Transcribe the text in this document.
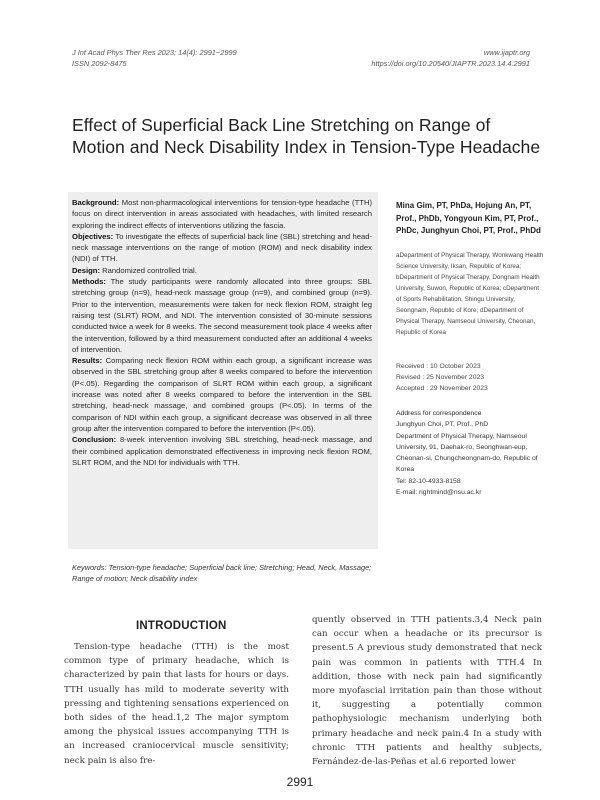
J Int Acad Phys Ther Res 2023; 14(4): 2991−2999
ISSN 2092-8475
www.ijaptr.org
https://doi.org/10.20540/JIAPTR.2023.14.4.2991
Effect of Superficial Back Line Stretching on Range of Motion and Neck Disability Index in Tension-Type Headache

Background: Most non-pharmacological interventions for tension-type headache (TTH) focus on direct intervention in areas associated with headaches, with limited research exploring the indirect effects of interventions utilizing the fascia.

Objectives: To investigate the effects of superficial back line (SBL) stretching and head-neck massage interventions on the range of motion (ROM) and neck disability index (NDI) of TTH.

Design: Randomized controlled trial.

Methods: The study participants were randomly allocated into three groups: SBL stretching group (n=9), head-neck massage group (n=9), and combined group (n=9). Prior to the intervention, measurements were taken for neck flexion ROM, straight leg raising test (SLRT) ROM, and NDI. The intervention consisted of 30-minute sessions conducted twice a week for 8 weeks. The second measurement took place 4 weeks after the intervention, followed by a third measurement conducted after an additional 4 weeks of intervention.

Results: Comparing neck flexion ROM within each group, a significant increase was observed in the SBL stretching group after 8 weeks compared to before the intervention (P<.05). Regarding the comparison of SLRT ROM within each group, a significant increase was noted after 8 weeks compared to before the intervention in the SBL stretching, head-neck massage, and combined groups (P<.05). In terms of the comparison of NDI within each group, a significant decrease was observed in all three group after the intervention compared to before the intervention (P<.05).

Conclusion: 8-week intervention involving SBL stretching, head-neck massage, and their combined application demonstrated effectiveness in improving neck flexion ROM, SLRT ROM, and the NDI for individuals with TTH.

Keywords: Tension-type headache; Superficial back line; Stretching; Head, Neck, Massage; Range of motion; Neck disability index
Mina Gim, PT, PhDa, Hojung An, PT, Prof., PhDb, Yongyoun Kim, PT, Prof., PhDc, Junghyun Choi, PT, Prof., PhDd
aDepartment of Physical Therapy, Wonkwang Health Science University, Iksan, Republic of Korea; bDepartment of Physical Therapy, Dongnam Health University, Suwon, Republic of Korea; cDepartment of Sports Rehabilitation, Shingu University, Seongnam, Republic of Kore; dDepartment of Physical Therapy, Namseoul University, Cheonan, Republic of Korea
Received : 10 October 2023
Revised : 25 November 2023
Accepted : 29 November 2023
Address for correspondence
Junghyun Choi, PT, Prof., PhD
Department of Physical Therapy, Namseoul University, 91, Daehak-ro, Seonghwan-eup, Cheonan-si, Chungcheongnam-do, Republic of Korea
Tel: 82-10-4933-8158
E-mail: rightmind@nsu.ac.kr
INTRODUCTION
Tension-type headache (TTH) is the most common type of primary headache, which is characterized by pain that lasts for hours or days. TTH usually has mild to moderate severity with pressing and tightening sensations experienced on both sides of the head.1,2 The major symptom among the physical issues accompanying TTH is an increased craniocervical muscle sensitivity; neck pain is also fre-
quently observed in TTH patients.3,4 Neck pain can occur when a headache or its precursor is present.5 A previous study demonstrated that neck pain was common in patients with TTH.4 In addition, those with neck pain had significantly more myofascial irritation pain than those without it, suggesting a potentially common pathophysiologic mechanism underlying both primary headache and neck pain.4 In a study with chronic TTH patients and healthy subjects, Fernández-de-las-Peñas et al.6 reported lower
2991
